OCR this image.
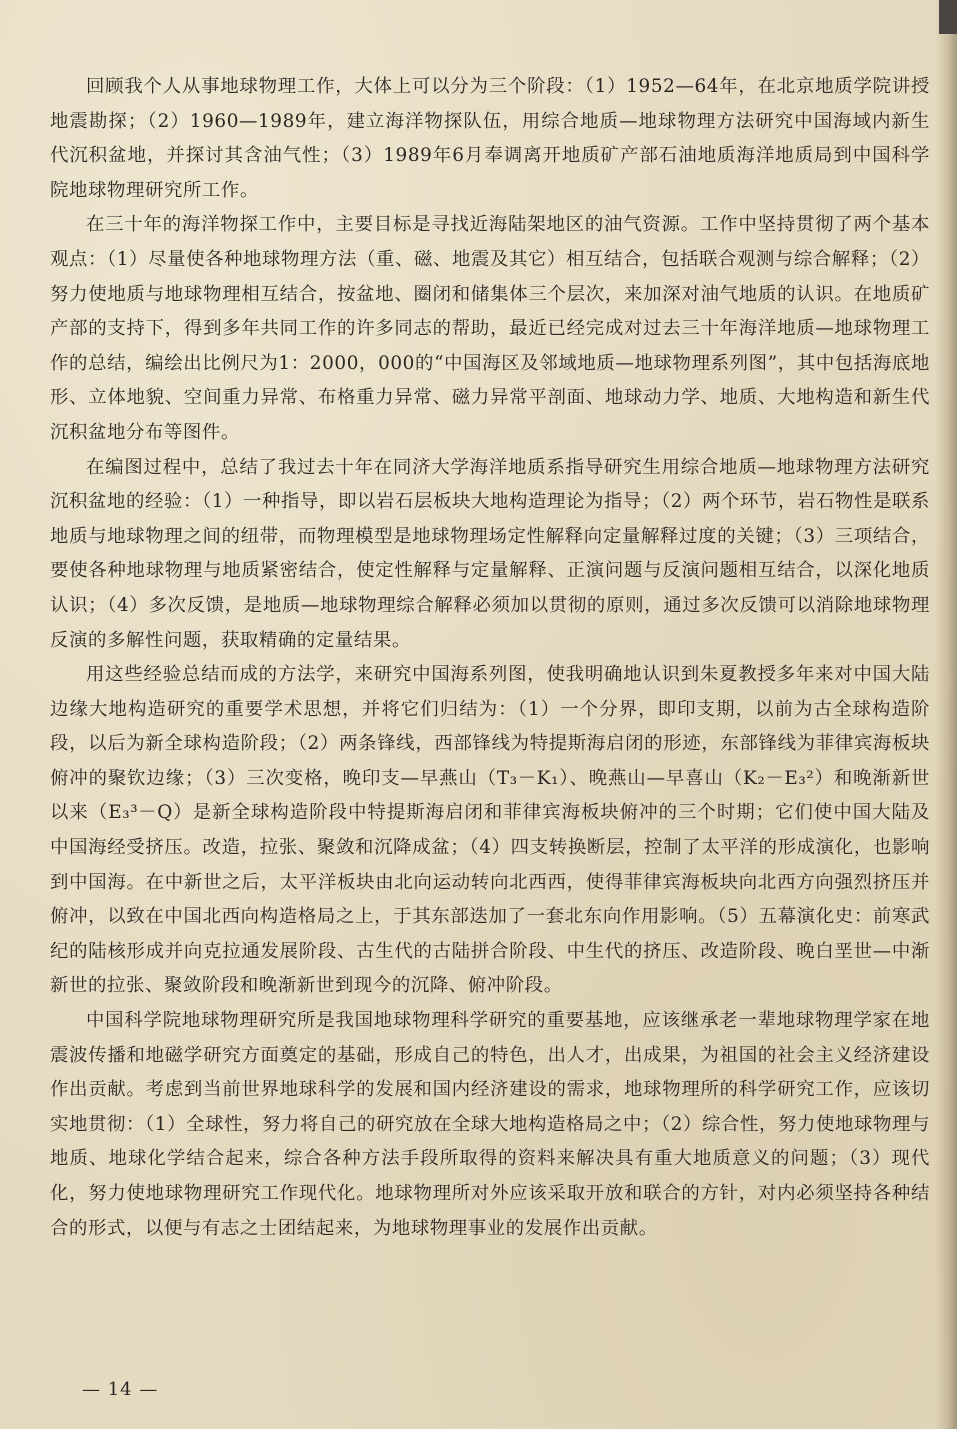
回顾我个人从事地球物理工作，大体上可以分为三个阶段：（1）1952—64年，在北京地质学院讲授地震勘探；（2）1960—1989年，建立海洋物探队伍，用综合地质—地球物理方法研究中国海域内新生代沉积盆地，并探讨其含油气性；（3）1989年6月奉调离开地质矿产部石油地质海洋地质局到中国科学院地球物理研究所工作。

在三十年的海洋物探工作中，主要目标是寻找近海陆架地区的油气资源。工作中坚持贯彻了两个基本观点：（1）尽量使各种地球物理方法（重、磁、地震及其它）相互结合，包括联合观测与综合解释；（2）努力使地质与地球物理相互结合，按盆地、圈闭和储集体三个层次，来加深对油气地质的认识。在地质矿产部的支持下，得到多年共同工作的许多同志的帮助，最近已经完成对过去三十年海洋地质—地球物理工作的总结，编绘出比例尺为1：2000，000的“中国海区及邻域地质—地球物理系列图”，其中包括海底地形、立体地貌、空间重力异常、布格重力异常、磁力异常平剖面、地球动力学、地质、大地构造和新生代沉积盆地分布等图件。

在编图过程中，总结了我过去十年在同济大学海洋地质系指导研究生用综合地质—地球物理方法研究沉积盆地的经验：（1）一种指导，即以岩石层板块大地构造理论为指导；（2）两个环节，岩石物性是联系地质与地球物理之间的纽带，而物理模型是地球物理场定性解释向定量解释过度的关键；（3）三项结合，要使各种地球物理与地质紧密结合，使定性解释与定量解释、正演问题与反演问题相互结合，以深化地质认识；（4）多次反馈，是地质—地球物理综合解释必须加以贯彻的原则，通过多次反馈可以消除地球物理反演的多解性问题，获取精确的定量结果。

用这些经验总结而成的方法学，来研究中国海系列图，使我明确地认识到朱夏教授多年来对中国大陆边缘大地构造研究的重要学术思想，并将它们归结为：（1）一个分界，即印支期，以前为古全球构造阶段，以后为新全球构造阶段；（2）两条锋线，西部锋线为特提斯海启闭的形迹，东部锋线为菲律宾海板块俯冲的聚钦边缘；（3）三次变格，晚印支—早燕山（T₃－K₁）、晚燕山—早喜山（K₂－E₃²）和晚渐新世以来（E₃³－Q）是新全球构造阶段中特提斯海启闭和菲律宾海板块俯冲的三个时期；它们使中国大陆及中国海经受挤压。改造，拉张、聚敛和沉降成盆；（4）四支转换断层，控制了太平洋的形成演化，也影响到中国海。在中新世之后，太平洋板块由北向运动转向北西西，使得菲律宾海板块向北西方向强烈挤压并俯冲，以致在中国北西向构造格局之上，于其东部迭加了一套北东向作用影响。（5）五幕演化史：前寒武纪的陆核形成并向克拉通发展阶段、古生代的古陆拼合阶段、中生代的挤压、改造阶段、晚白垩世—中渐新世的拉张、聚敛阶段和晚渐新世到现今的沉降、俯冲阶段。

中国科学院地球物理研究所是我国地球物理科学研究的重要基地，应该继承老一辈地球物理学家在地震波传播和地磁学研究方面奠定的基础，形成自己的特色，出人才，出成果，为祖国的社会主义经济建设作出贡献。考虑到当前世界地球科学的发展和国内经济建设的需求，地球物理所的科学研究工作，应该切实地贯彻：（1）全球性，努力将自己的研究放在全球大地构造格局之中；（2）综合性，努力使地球物理与地质、地球化学结合起来，综合各种方法手段所取得的资料来解决具有重大地质意义的问题；（3）现代化，努力使地球物理研究工作现代化。地球物理所对外应该采取开放和联合的方针，对内必须坚持各种结合的形式，以便与有志之士团结起来，为地球物理事业的发展作出贡献。

— 14 —
